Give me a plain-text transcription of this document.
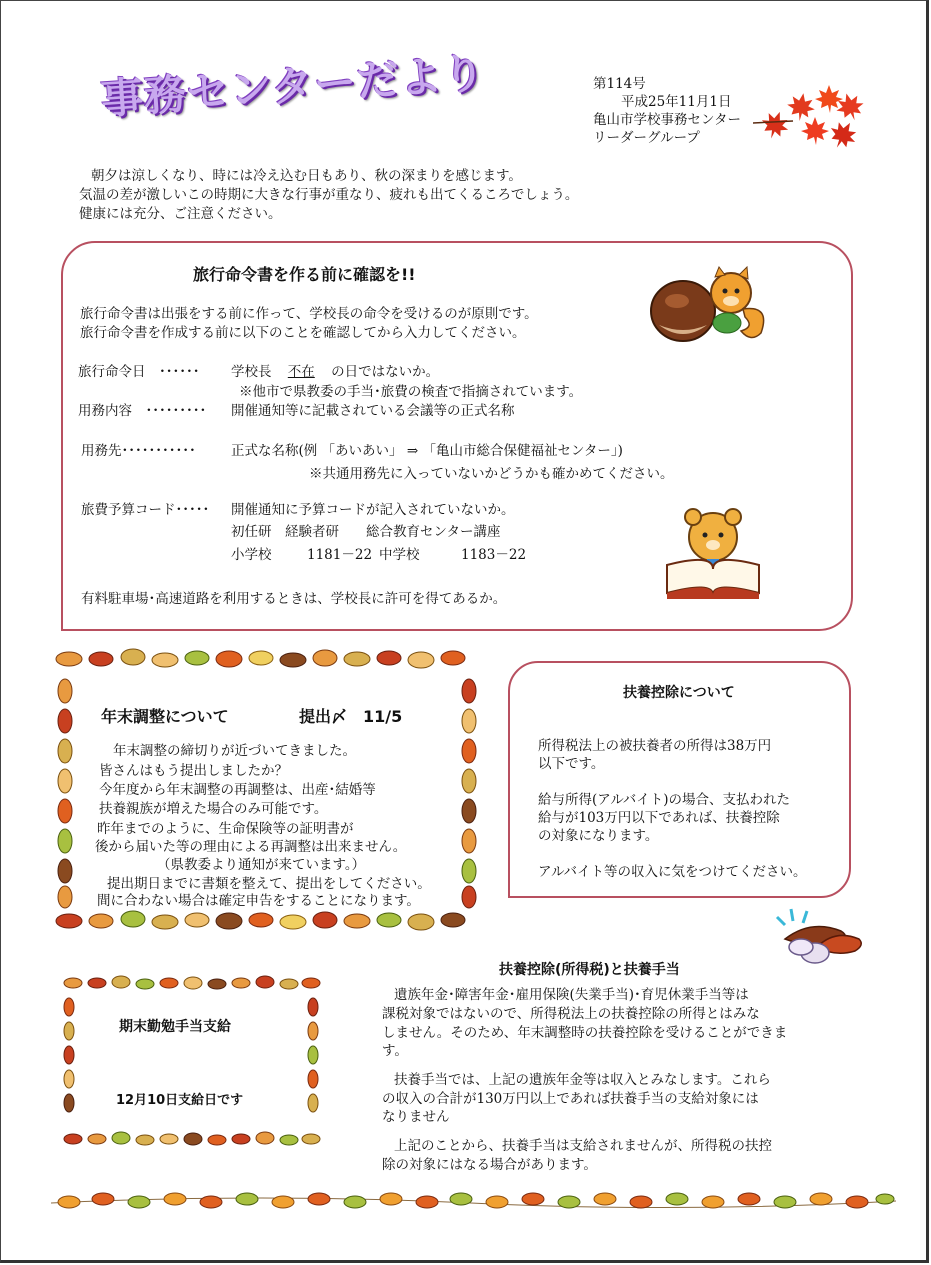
事務センターだより	第114号
平成25年11月1日
亀山市学校事務センター
リーダーグループ
朝夕は涼しくなり、時には冷え込む日もあり、秋の深まりを感じます。
気温の差が激しいこの時期に大きな行事が重なり、疲れも出てくるころでしょう。
健康には充分、ご注意ください。
旅行命令書を作る前に確認を!!
旅行命令書は出張をする前に作って、学校長の命令を受けるのが原則です。
旅行命令書を作成する前に以下のことを確認してから入力してください。
旅行命令日　･･････ 学校長 不在 の日ではないか。
※他市で県教委の手当･旅費の検査で指摘されています。
用務内容　･････････ 開催通知等に記載されている会議等の正式名称
用務先･･･････････	正式な名称(例 「あいあい」 ⇒ 「亀山市総合保健福祉センター」)
※共通用務先に入っていないかどうかも確かめてください。
旅費予算コード･････ 開催通知に予算コードが記入されていないか。
初任研　経験者研　　総合教育センター講座
小学校	1181－22 中学校	1183－22
有料駐車場･高速道路を利用するときは、学校長に許可を得てあるか。
年末調整について	提出〆　11/5
年末調整の締切りが近づいてきました。
皆さんはもう提出しましたか？
今年度から年末調整の再調整は、出産･結婚等
扶養親族が増えた場合のみ可能です。
昨年までのように、生命保険等の証明書が
後から届いた等の理由による再調整は出来ません。
（県教委より通知が来ています。）
提出期日までに書類を整えて、提出をしてください。
間に合わない場合は確定申告をすることになります。
扶養控除について
所得税法上の被扶養者の所得は38万円
以下です。
給与所得(アルバイト)の場合、支払われた
給与が103万円以下であれば、扶養控除
の対象になります。
アルバイト等の収入に気をつけてください。
期末勤勉手当支給
12月10日支給日です
扶養控除(所得税)と扶養手当
遺族年金･障害年金･雇用保険(失業手当)･育児休業手当等は
課税対象ではないので、所得税法上の扶養控除の所得とはみな
しません。そのため、年末調整時の扶養控除を受けることができま
す。
扶養手当では、上記の遺族年金等は収入とみなします。これら
の収入の合計が130万円以上であれば扶養手当の支給対象には
なりません
上記のことから、扶養手当は支給されませんが、所得税の扶控
除の対象にはなる場合があります。
